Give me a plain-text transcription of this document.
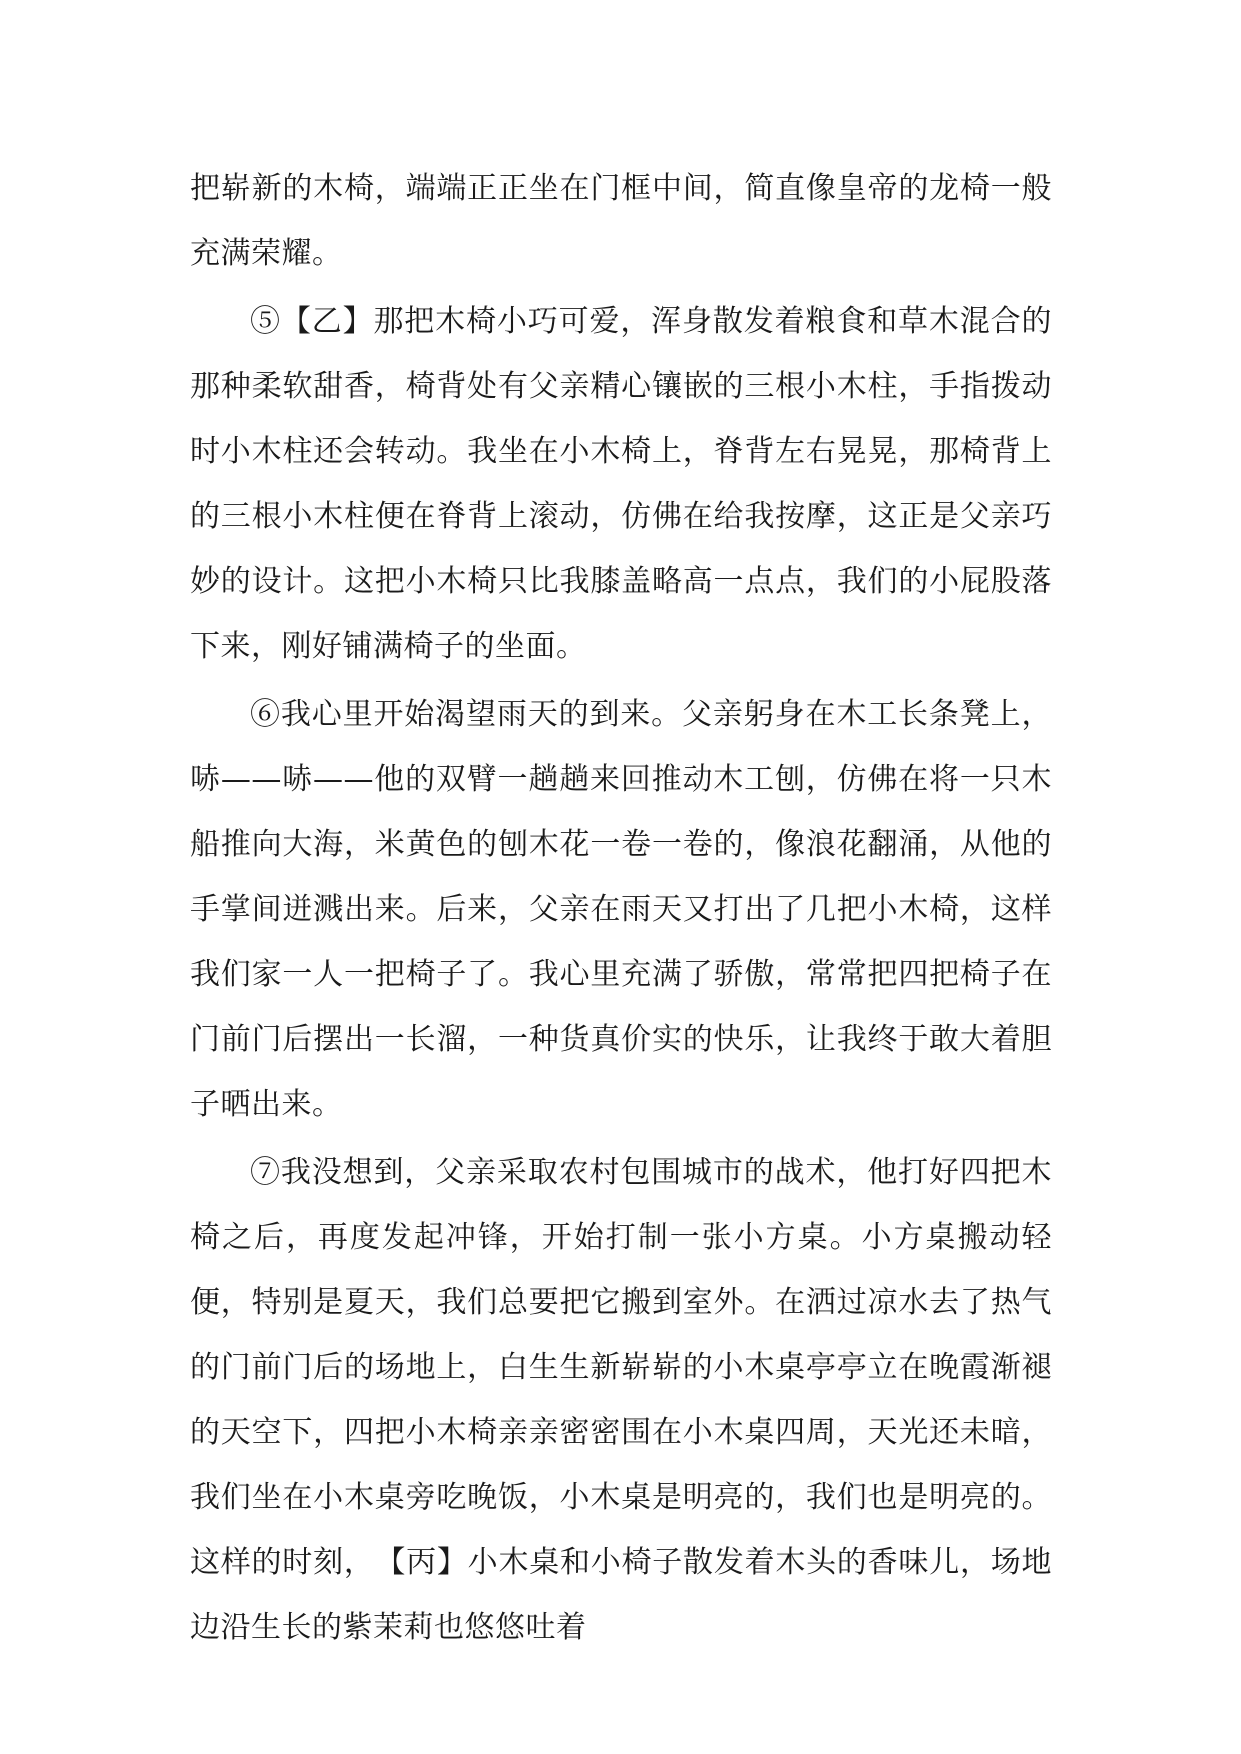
把崭新的木椅，端端正正坐在门框中间，简直像皇帝的龙椅一般充满荣耀。

⑤【乙】那把木椅小巧可爱，浑身散发着粮食和草木混合的那种柔软甜香，椅背处有父亲精心镶嵌的三根小木柱，手指拨动时小木柱还会转动。我坐在小木椅上，脊背左右晃晃，那椅背上的三根小木柱便在脊背上滚动，仿佛在给我按摩，这正是父亲巧妙的设计。这把小木椅只比我膝盖略高一点点，我们的小屁股落下来，刚好铺满椅子的坐面。

⑥我心里开始渴望雨天的到来。父亲躬身在木工长条凳上，哧——哧——他的双臂一趟趟来回推动木工刨，仿佛在将一只木船推向大海，米黄色的刨木花一卷一卷的，像浪花翻涌，从他的手掌间迸溅出来。后来，父亲在雨天又打出了几把小木椅，这样我们家一人一把椅子了。我心里充满了骄傲，常常把四把椅子在门前门后摆出一长溜，一种货真价实的快乐，让我终于敢大着胆子晒出来。

⑦我没想到，父亲采取农村包围城市的战术，他打好四把木椅之后，再度发起冲锋，开始打制一张小方桌。小方桌搬动轻便，特别是夏天，我们总要把它搬到室外。在洒过凉水去了热气的门前门后的场地上，白生生新崭崭的小木桌亭亭立在晚霞渐褪的天空下，四把小木椅亲亲密密围在小木桌四周，天光还未暗，我们坐在小木桌旁吃晚饭，小木桌是明亮的，我们也是明亮的。这样的时刻，　【丙】小木桌和小椅子散发着木头的香味儿，场地边沿生长的紫茉莉也悠悠吐着
